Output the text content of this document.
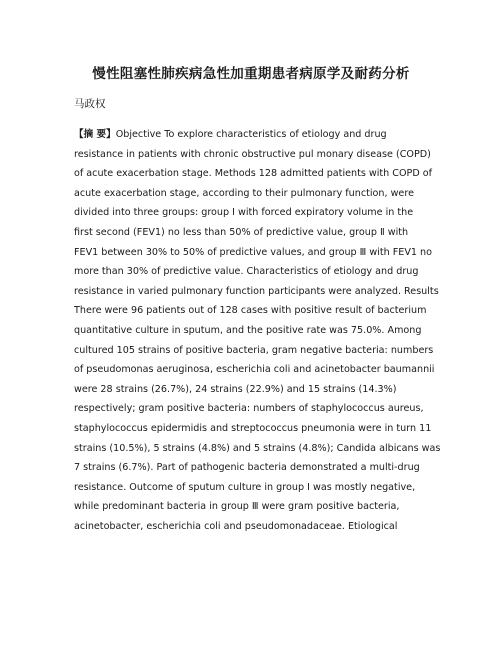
慢性阻塞性肺疾病急性加重期患者病原学及耐药分析
马政权
【摘 要】Objective To explore characteristics of etiology and drug
resistance in patients with chronic obstructive pul monary disease (COPD)
of acute exacerbation stage. Methods 128 admitted patients with COPD of
acute exacerbation stage, according to their pulmonary function, were
divided into three groups: group Ⅰ with forced expiratory volume in the
first second (FEV1) no less than 50% of predictive value, group Ⅱ with
FEV1 between 30% to 50% of predictive values, and group Ⅲ with FEV1 no
more than 30% of predictive value. Characteristics of etiology and drug
resistance in varied pulmonary function participants were analyzed. Results
There were 96 patients out of 128 cases with positive result of bacterium
quantitative culture in sputum, and the positive rate was 75.0%. Among
cultured 105 strains of positive bacteria, gram negative bacteria: numbers
of pseudomonas aeruginosa, escherichia coli and acinetobacter baumannii
were 28 strains (26.7%), 24 strains (22.9%) and 15 strains (14.3%)
respectively; gram positive bacteria: numbers of staphylococcus aureus,
staphylococcus epidermidis and streptococcus pneumonia were in turn 11
strains (10.5%), 5 strains (4.8%) and 5 strains (4.8%); Candida albicans was
7 strains (6.7%). Part of pathogenic bacteria demonstrated a multi-drug
resistance. Outcome of sputum culture in group Ⅰ was mostly negative,
while predominant bacteria in group Ⅲ were gram positive bacteria,
acinetobacter, escherichia coli and pseudomonadaceae. Etiological
